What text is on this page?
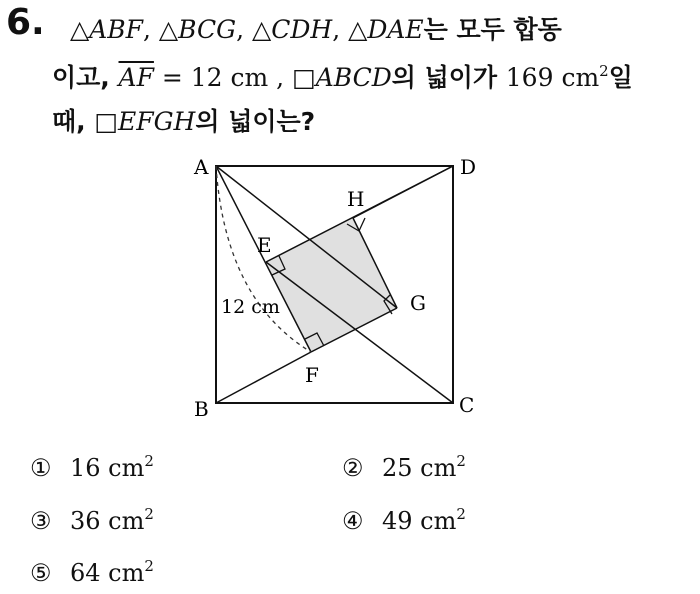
6. △ABF, △BCG, △CDH, △DAE는 모두 합동
이고, $\overline{AF} = 12$ cm , □ABCD의 넓이가 169 $cm^2$일
때, □EFGH의 넓이는?
A
B	C
D
E
F
G
H
12 cm
① 16 $cm^2$	② 25 $cm^2$
③ 36 $cm^2$	④ 49 $cm^2$
⑤ 64 $cm^2$
